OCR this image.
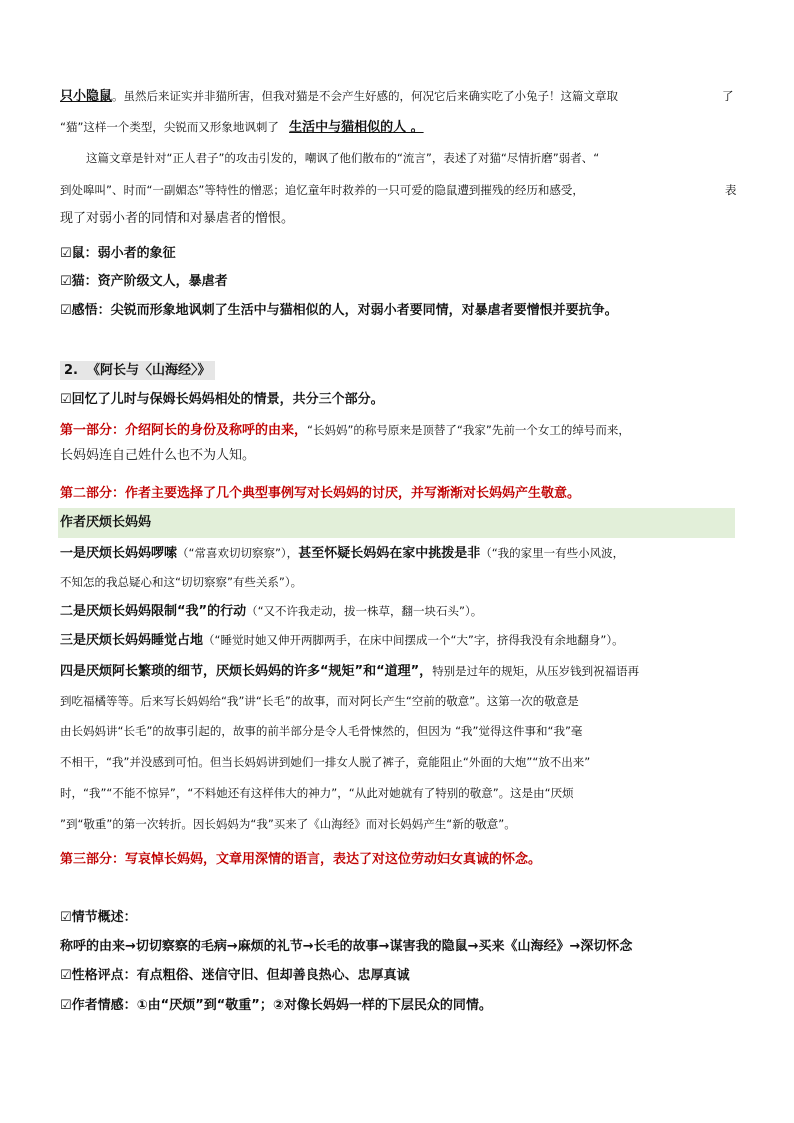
只小隐鼠。虽然后来证实并非猫所害，但我对猫是不会产生好感的，何况它后来确实吃了小兔子！这篇文章取	了
“猫”这样一个类型，尖锐而又形象地讽刺了 生活中与猫相似的人 。
这篇文章是针对“正人君子”的攻击引发的，嘲讽了他们散布的“流言”，表述了对猫“尽情折磨”弱者、“
到处嗥叫”、时而“一副媚态”等特性的憎恶；追忆童年时救养的一只可爱的隐鼠遭到摧残的经历和感受，	表
现了对弱小者的同情和对暴虐者的憎恨。
☑鼠：弱小者的象征
☑猫：资产阶级文人，暴虐者
☑感悟：尖锐而形象地讽刺了生活中与猫相似的人，对弱小者要同情，对暴虐者要憎恨并要抗争。
2. 《阿长与〈山海经〉》
☑回忆了儿时与保姆长妈妈相处的情景，共分三个部分。
第一部分：介绍阿长的身份及称呼的由来，“长妈妈”的称号原来是顶替了“我家”先前一个女工的绰号而来，
长妈妈连自己姓什么也不为人知。
第二部分：作者主要选择了几个典型事例写对长妈妈的讨厌，并写渐渐对长妈妈产生敬意。
作者厌烦长妈妈
一是厌烦长妈妈啰嗦（“常喜欢切切察察”），甚至怀疑长妈妈在家中挑拨是非（“我的家里一有些小风波，
不知怎的我总疑心和这“切切察察”有些关系”）。
二是厌烦长妈妈限制“我”的行动（“又不许我走动，拔一株草，翻一块石头”）。
三是厌烦长妈妈睡觉占地（“睡觉时她又伸开两脚两手，在床中间摆成一个“大”字，挤得我没有余地翻身”）。
四是厌烦阿长繁琐的细节，厌烦长妈妈的许多“规矩”和“道理”，特别是过年的规矩，从压岁钱到祝福语再
到吃福橘等等。后来写长妈妈给“我”讲“长毛”的故事，而对阿长产生“空前的敬意”。这第一次的敬意是
由长妈妈讲“长毛”的故事引起的，故事的前半部分是令人毛骨悚然的，但因为 “我”觉得这件事和“我”毫
不相干，“我”并没感到可怕。但当长妈妈讲到她们一排女人脱了裤子，竟能阻止“外面的大炮”“放不出来”
时，“我”“不能不惊异”，“不料她还有这样伟大的神力”，“从此对她就有了特别的敬意”。这是由“厌烦
”到“敬重”的第一次转折。因长妈妈为“我”买来了《山海经》而对长妈妈产生“新的敬意”。
第三部分：写哀悼长妈妈，文章用深情的语言，表达了对这位劳动妇女真诚的怀念。
☑情节概述：
称呼的由来→切切察察的毛病→麻烦的礼节→长毛的故事→谋害我的隐鼠→买来《山海经》→深切怀念
☑性格评点：有点粗俗、迷信守旧、但却善良热心、忠厚真诚
☑作者情感：①由“厌烦”到“敬重”；②对像长妈妈一样的下层民众的同情。
